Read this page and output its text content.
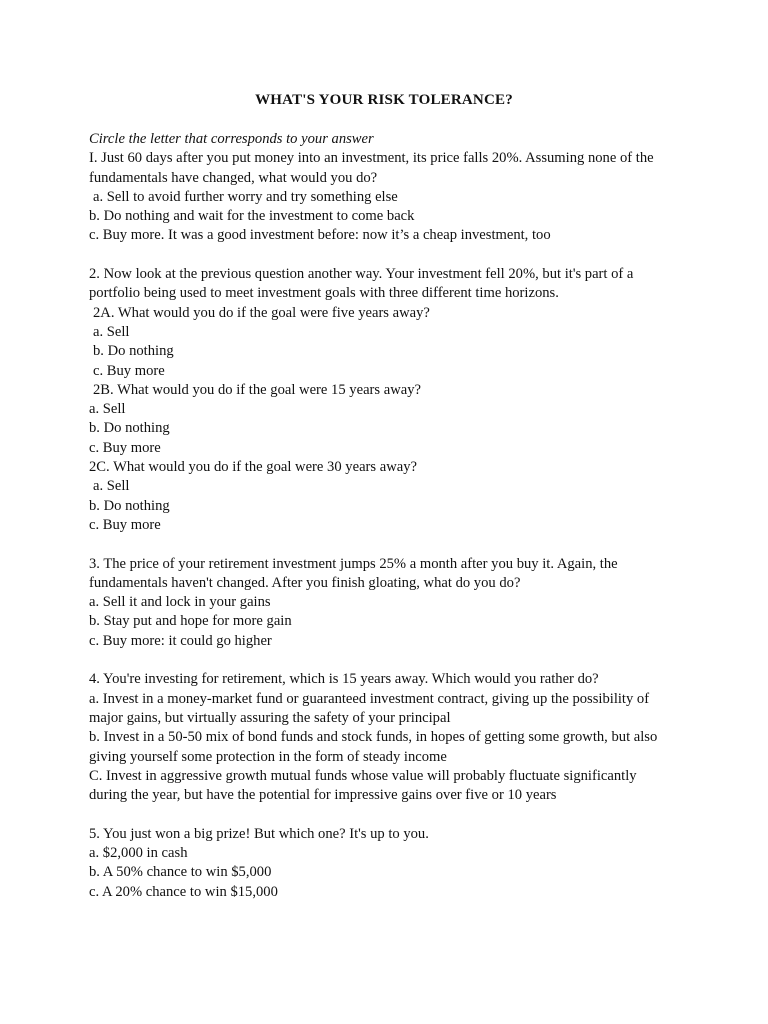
WHAT'S YOUR RISK TOLERANCE?
Circle the letter that corresponds to your answer
I. Just 60 days after you put money into an investment, its price falls 20%. Assuming none of the
fundamentals have changed, what would you do?
a. Sell to avoid further worry and try something else
b. Do nothing and wait for the investment to come back
c. Buy more. It was a good investment before: now it’s a cheap investment, too
2. Now look at the previous question another way. Your investment fell 20%, but it's part of a
portfolio being used to meet investment goals with three different time horizons.
2A. What would you do if the goal were five years away?
a. Sell
b. Do nothing
c. Buy more
2B. What would you do if the goal were 15 years away?
a. Sell
b. Do nothing
c. Buy more
2C. What would you do if the goal were 30 years away?
a. Sell
b. Do nothing
c. Buy more
3. The price of your retirement investment jumps 25% a month after you buy it. Again, the
fundamentals haven't changed. After you finish gloating, what do you do?
a. Sell it and lock in your gains
b. Stay put and hope for more gain
c. Buy more: it could go higher
4. You're investing for retirement, which is 15 years away. Which would you rather do?
a. Invest in a money-market fund or guaranteed investment contract, giving up the possibility of
major gains, but virtually assuring the safety of your principal
b. Invest in a 50-50 mix of bond funds and stock funds, in hopes of getting some growth, but also
giving yourself some protection in the form of steady income
C. Invest in aggressive growth mutual funds whose value will probably fluctuate significantly
during the year, but have the potential for impressive gains over five or 10 years
5. You just won a big prize! But which one? It's up to you.
a. $2,000 in cash
b. A 50% chance to win $5,000
c. A 20% chance to win $15,000
